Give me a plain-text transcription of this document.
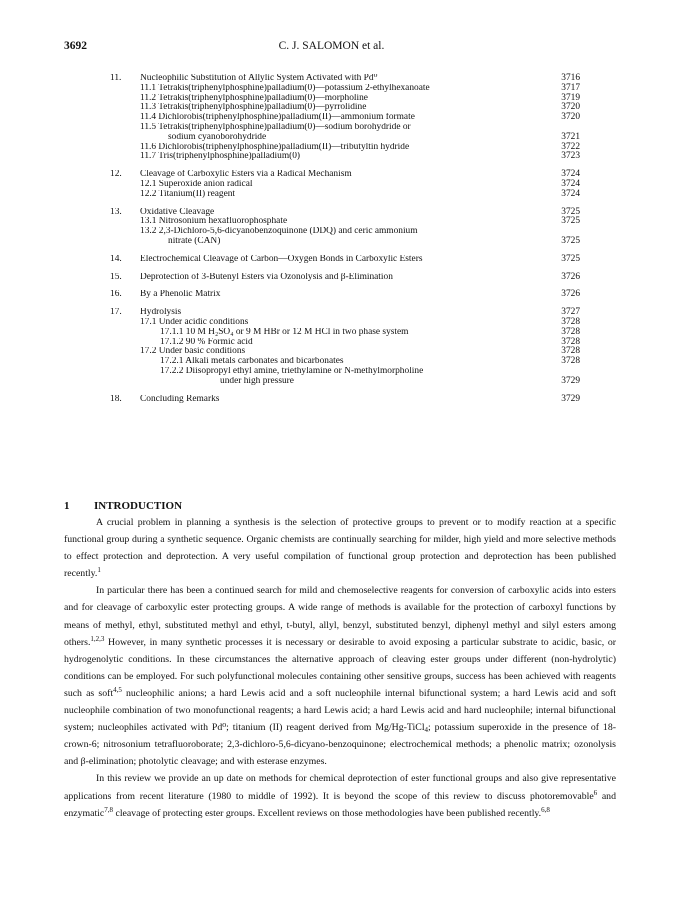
3692	C. J. SALOMON et al.
11. Nucleophilic Substitution of Allylic System Activated with Pd⁰	3716
11.1 Tetrakis(triphenylphosphine)palladium(0)—potassium 2-ethylhexanoate	3717
11.2 Tetrakis(triphenylphosphine)palladium(0)—morpholine	3719
11.3 Tetrakis(triphenylphosphine)palladium(0)—pyrrolidine	3720
11.4 Dichlorobis(triphenylphosphine)palladium(II)—ammonium formate	3720
11.5 Tetrakis(triphenylphosphine)palladium(0)—sodium borohydride or
sodium cyanoborohydride	3721
11.6 Dichlorobis(triphenylphosphine)palladium(II)—tributyltin hydride	3722
11.7 Tris(triphenylphosphine)palladium(0)	3723
12. Cleavage of Carboxylic Esters via a Radical Mechanism	3724
12.1 Superoxide anion radical	3724
12.2 Titanium(II) reagent	3724
13. Oxidative Cleavage	3725
13.1 Nitrosonium hexafluorophosphate	3725
13.2 2,3-Dichloro-5,6-dicyanobenzoquinone (DDQ) and ceric ammonium
nitrate (CAN)	3725
14. Electrochemical Cleavage of Carbon—Oxygen Bonds in Carboxylic Esters	3725
15. Deprotection of 3-Butenyl Esters via Ozonolysis and β-Elimination	3726
16. By a Phenolic Matrix	3726
17. Hydrolysis	3727
17.1 Under acidic conditions	3728
17.1.1 10 M H₂SO₄ or 9 M HBr or 12 M HCl in two phase system	3728
17.1.2 90 % Formic acid	3728
17.2 Under basic conditions	3728
17.2.1 Alkali metals carbonates and bicarbonates	3728
17.2.2 Diisopropyl ethyl amine, triethylamine or N-methylmorpholine
under high pressure	3729
18. Concluding Remarks	3729
1 INTRODUCTION

A crucial problem in planning a synthesis is the selection of protective groups to prevent or to modify reaction at a specific functional group during a synthetic sequence. Organic chemists are continually searching for milder, high yield and more selective methods to effect protection and deprotection. A very useful compilation of functional group protection and deprotection has been published recently.$^1$

In particular there has been a continued search for mild and chemoselective reagents for conversion of carboxylic acids into esters and for cleavage of carboxylic ester protecting groups. A wide range of methods is available for the protection of carboxyl functions by means of methyl, ethyl, substituted methyl and ethyl, t-butyl, allyl, benzyl, substituted benzyl, diphenyl methyl and silyl esters among others.$^{1,2,3}$ However, in many synthetic processes it is necessary or desirable to avoid exposing a particular substrate to acidic, basic, or hydrogenolytic conditions. In these circumstances the alternative approach of cleaving ester groups under different (non-hydrolytic) conditions can be employed. For such polyfunctional molecules containing other sensitive groups, success has been achieved with reagents such as soft$^{4,5}$ nucleophilic anions; a hard Lewis acid and a soft nucleophile internal bifunctional system; a hard Lewis acid and soft nucleophile combination of two monofunctional reagents; a hard Lewis acid; a hard Lewis acid and hard nucleophile; internal bifunctional system; nucleophiles activated with Pd⁰; titanium (II) reagent derived from Mg/Hg-TiCl$_4$; potassium superoxide in the presence of 18-crown-6; nitrosonium tetrafluoroborate; 2,3-dichloro-5,6-dicyano-benzoquinone; electrochemical methods; a phenolic matrix; ozonolysis and β-elimination; photolytic cleavage; and with esterase enzymes.

In this review we provide an up date on methods for chemical deprotection of ester functional groups and also give representative applications from recent literature (1980 to middle of 1992). It is beyond the scope of this review to discuss photoremovable$^6$ and enzymatic$^{7,8}$ cleavage of protecting ester groups. Excellent reviews on those methodologies have been published recently.$^{6,8}$
